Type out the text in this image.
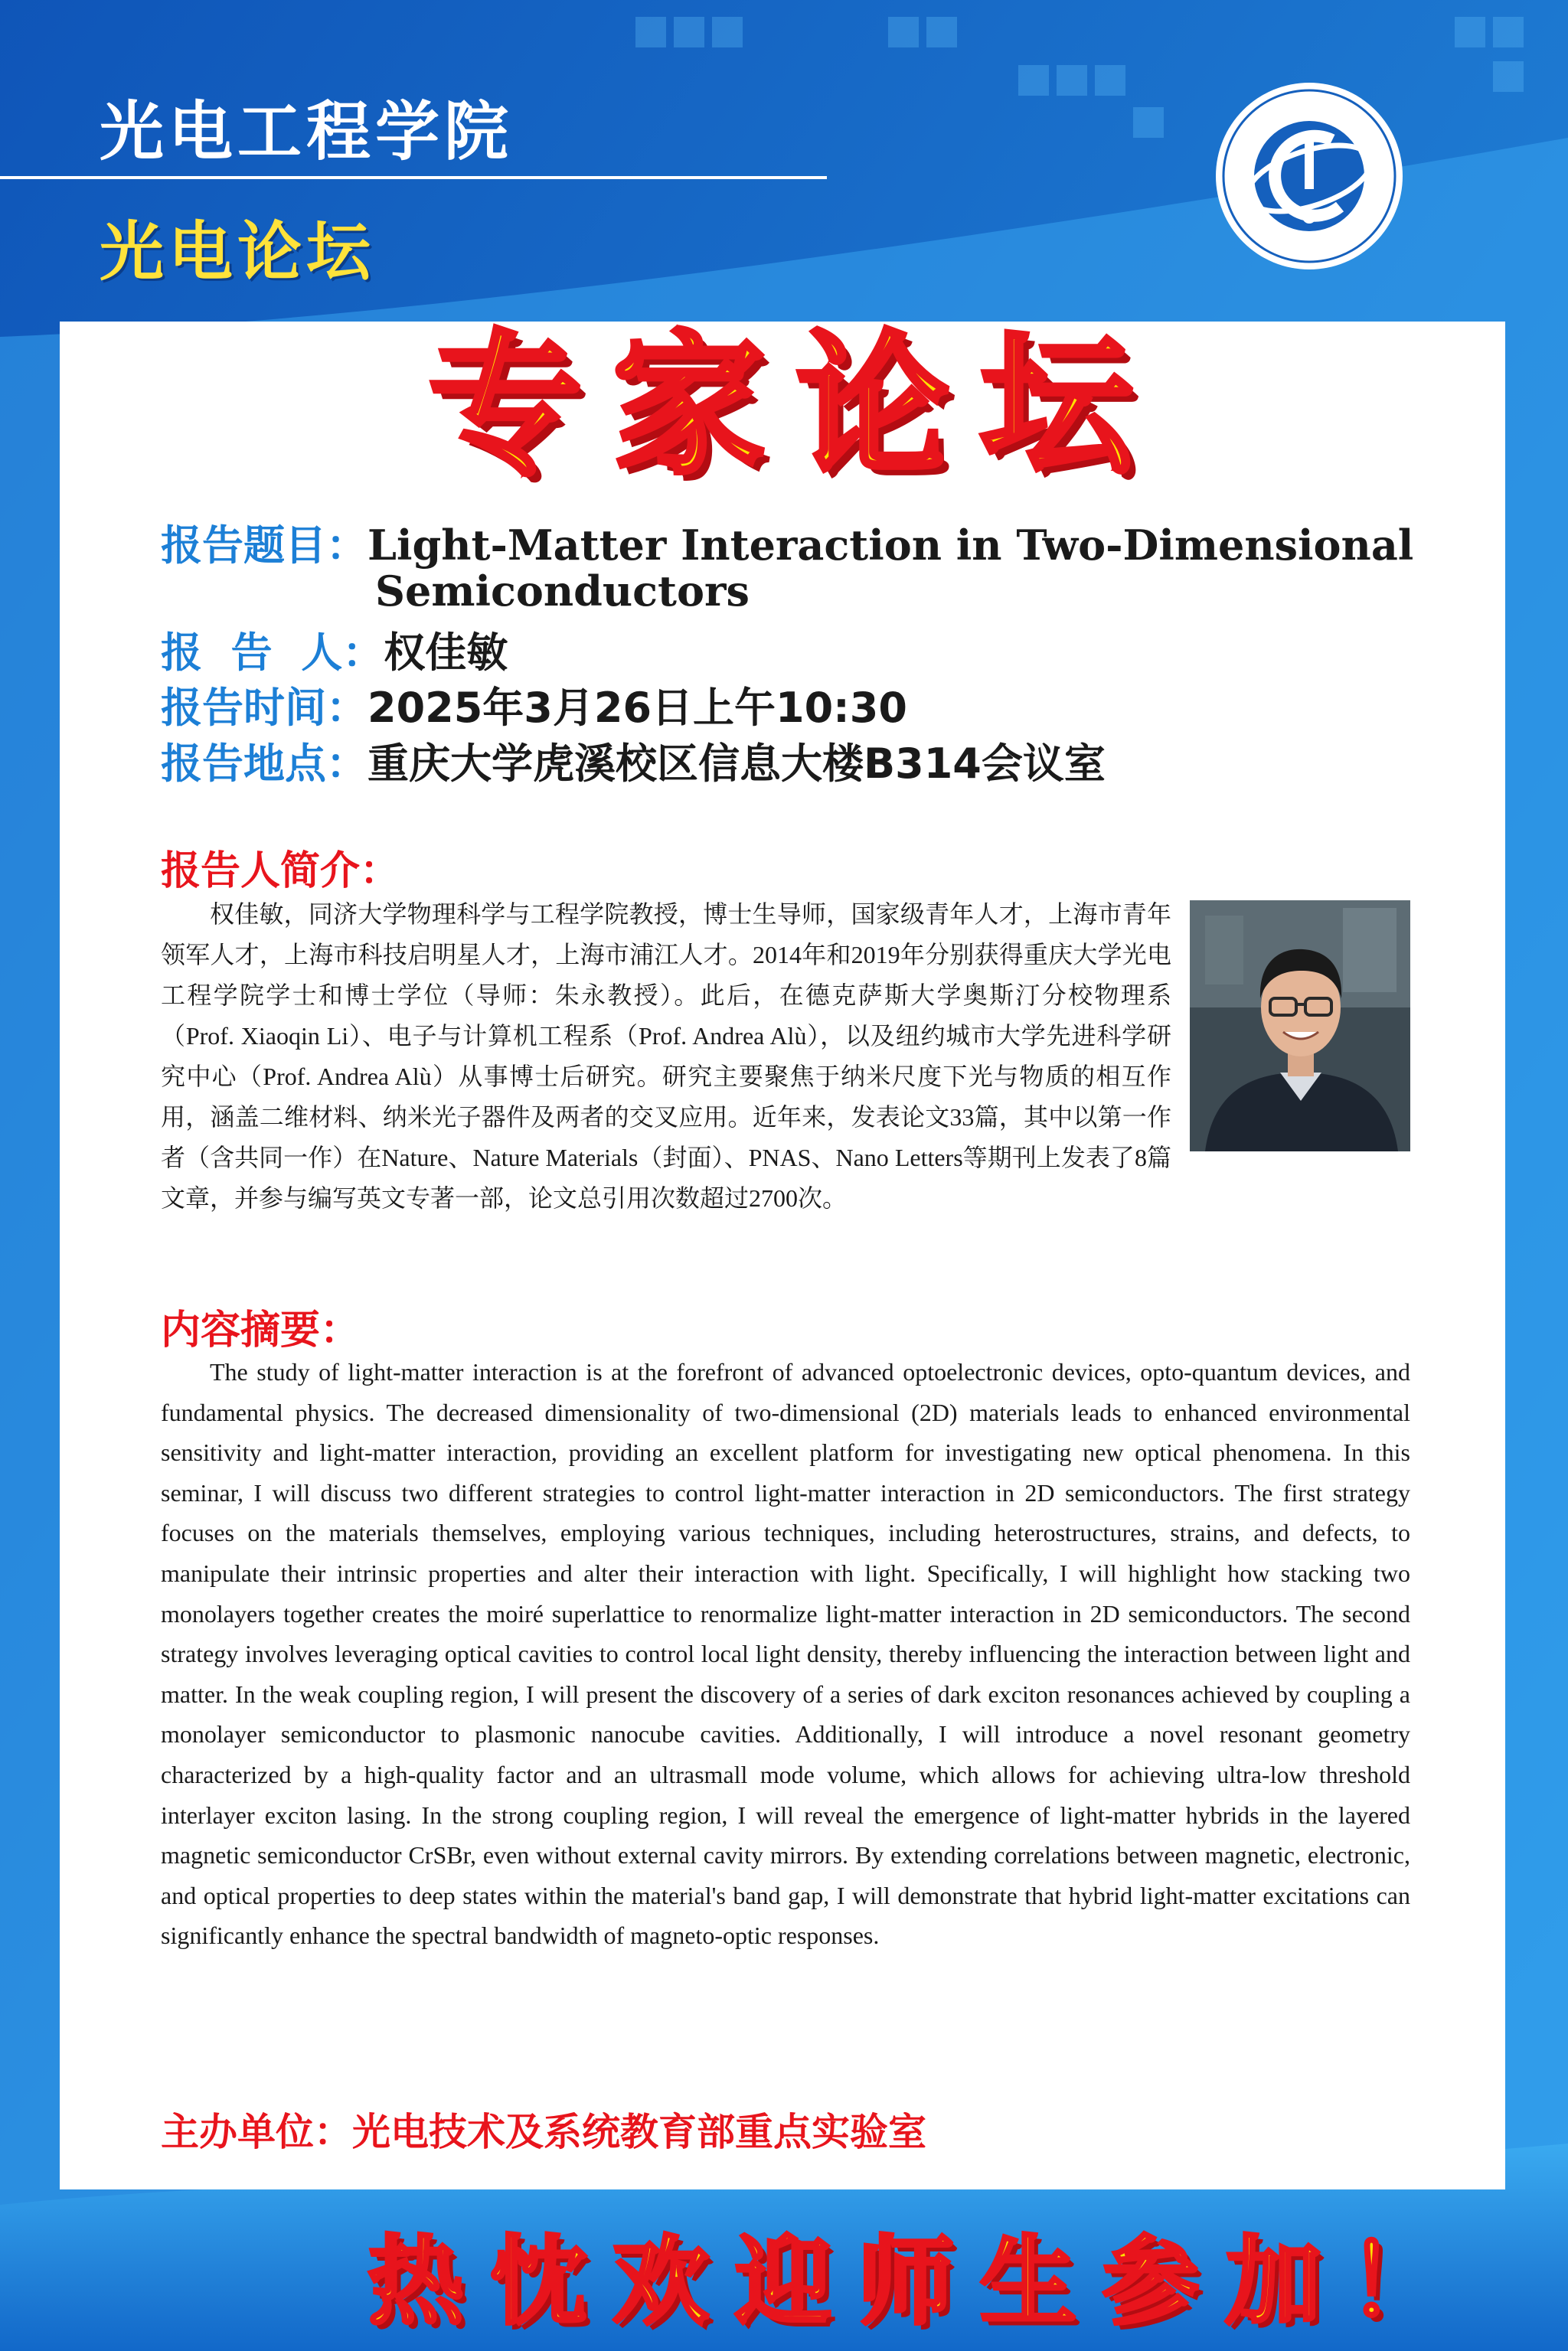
光电工程学院
光电论坛
专家论坛
报告题目：Light-Matter Interaction in Two-Dimensional
Semiconductors
报  告  人：权佳敏
报告时间：2025年3月26日上午10:30
报告地点：重庆大学虎溪校区信息大楼B314会议室
报告人简介：
权佳敏，同济大学物理科学与工程学院教授，博士生导师，国家级青年人才，上海市青年领军人才，上海市科技启明星人才，上海市浦江人才。2014年和2019年分别获得重庆大学光电工程学院学士和博士学位（导师：朱永教授）。此后，在德克萨斯大学奥斯汀分校物理系（Prof. Xiaoqin Li）、电子与计算机工程系（Prof. Andrea Alù），以及纽约城市大学先进科学研究中心（Prof. Andrea Alù）从事博士后研究。研究主要聚焦于纳米尺度下光与物质的相互作用，涵盖二维材料、纳米光子器件及两者的交叉应用。近年来，发表论文33篇，其中以第一作者（含共同一作）在Nature、Nature Materials（封面）、PNAS、Nano Letters等期刊上发表了8篇文章，并参与编写英文专著一部，论文总引用次数超过2700次。
内容摘要：
The study of light-matter interaction is at the forefront of advanced optoelectronic devices, opto-quantum devices, and fundamental physics. The decreased dimensionality of two-dimensional (2D) materials leads to enhanced environmental sensitivity and light-matter interaction, providing an excellent platform for investigating new optical phenomena. In this seminar, I will discuss two different strategies to control light-matter interaction in 2D semiconductors. The first strategy focuses on the materials themselves, employing various techniques, including heterostructures, strains, and defects, to manipulate their intrinsic properties and alter their interaction with light. Specifically, I will highlight how stacking two monolayers together creates the moiré superlattice to renormalize light-matter interaction in 2D semiconductors. The second strategy involves leveraging optical cavities to control local light density, thereby influencing the interaction between light and matter. In the weak coupling region, I will present the discovery of a series of dark exciton resonances achieved by coupling a monolayer semiconductor to plasmonic nanocube cavities. Additionally, I will introduce a novel resonant geometry characterized by a high-quality factor and an ultrasmall mode volume, which allows for achieving ultra-low threshold interlayer exciton lasing. In the strong coupling region, I will reveal the emergence of light-matter hybrids in the layered magnetic semiconductor CrSBr, even without external cavity mirrors. By extending correlations between magnetic, electronic, and optical properties to deep states within the material's band gap, I will demonstrate that hybrid light-matter excitations can significantly enhance the spectral bandwidth of magneto-optic responses.
主办单位：光电技术及系统教育部重点实验室
热忱欢迎师生参加！
